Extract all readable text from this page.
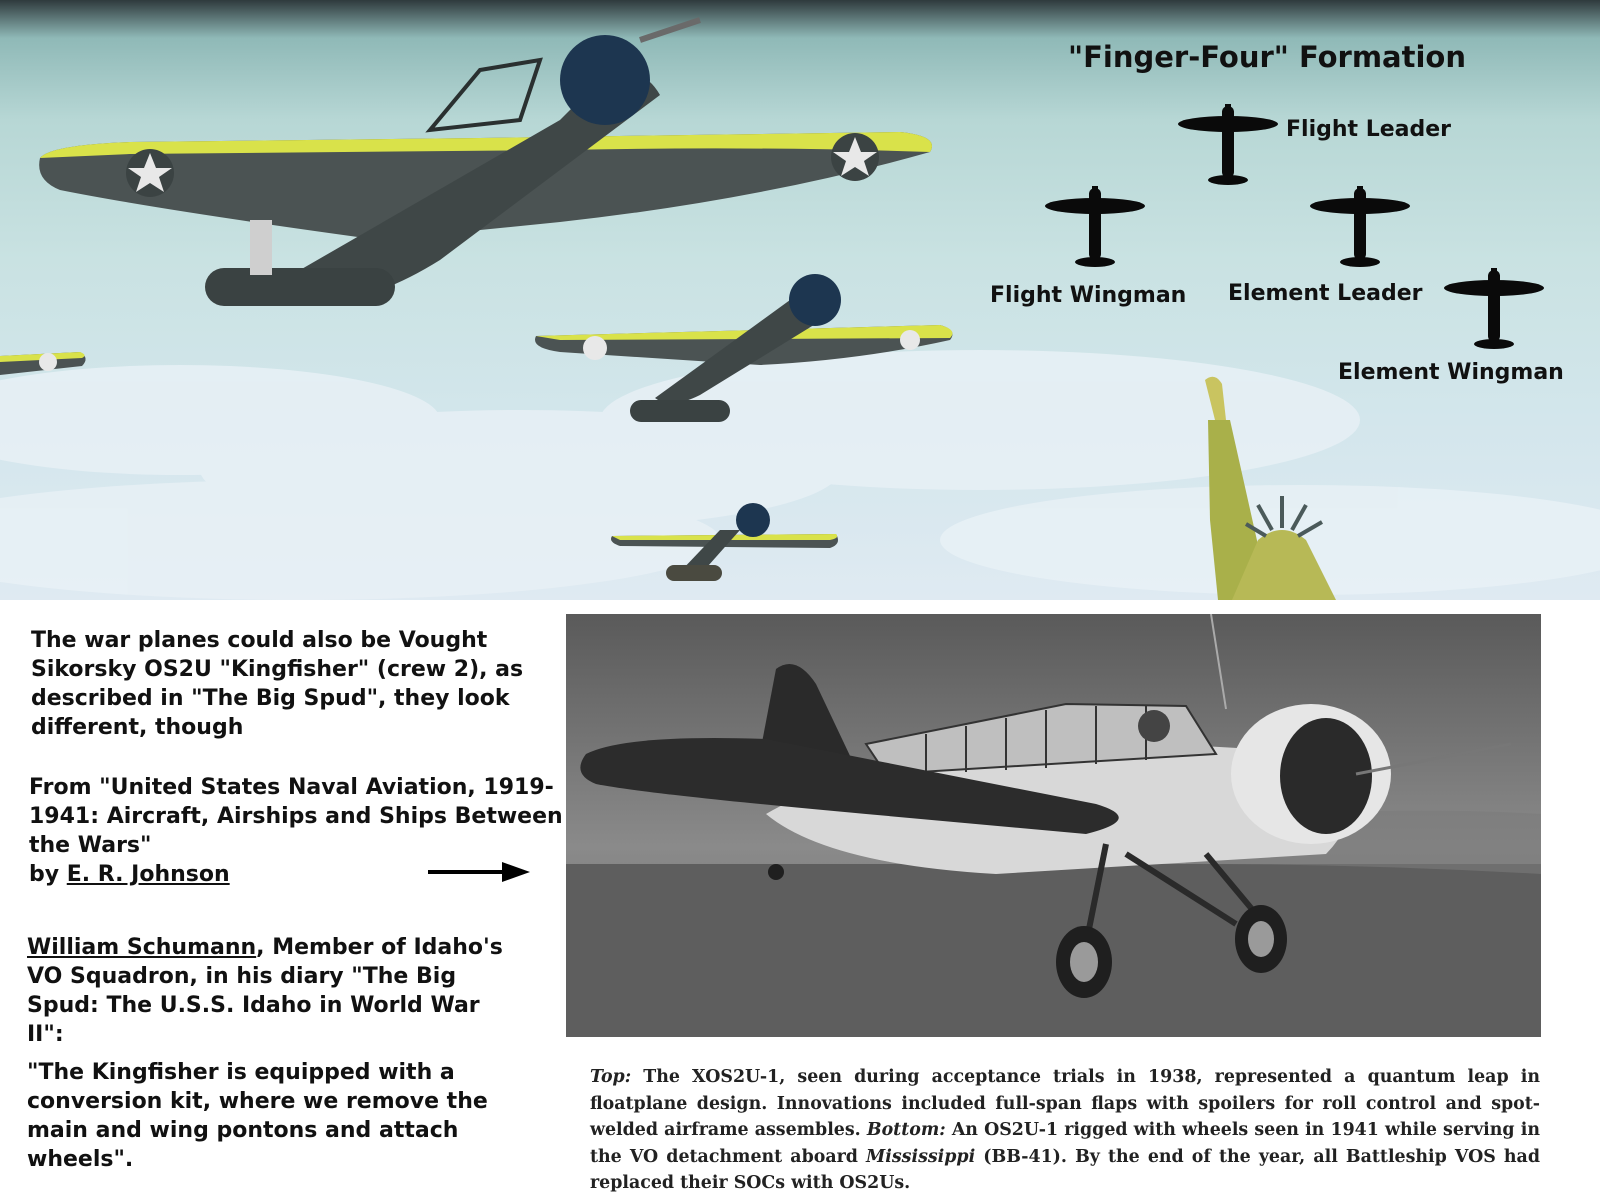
"Finger-Four" Formation
Flight Leader
Flight Wingman Element Leader
Element Wingman
The war planes could also be Vought Sikorsky OS2U "Kingfisher" (crew 2), as described in "The Big Spud", they look different, though
From "United States Naval Aviation, 1919-1941: Aircraft, Airships and Ships Between the Wars"
by E. R. Johnson
William Schumann, Member of Idaho's VO Squadron, in his diary "The Big Spud: The U.S.S. Idaho in World War II":
"The Kingfisher is equipped with a conversion kit, where we remove the main and wing pontons and attach wheels".
Top: The XOS2U-1, seen during acceptance trials in 1938, represented a quantum leap in floatplane design. Innovations included full-span flaps with spoilers for roll control and spot-welded airframe assembles. Bottom: An OS2U-1 rigged with wheels seen in 1941 while serving in the VO detachment aboard Mississippi (BB-41). By the end of the year, all Battleship VOS had replaced their SOCs with OS2Us.
